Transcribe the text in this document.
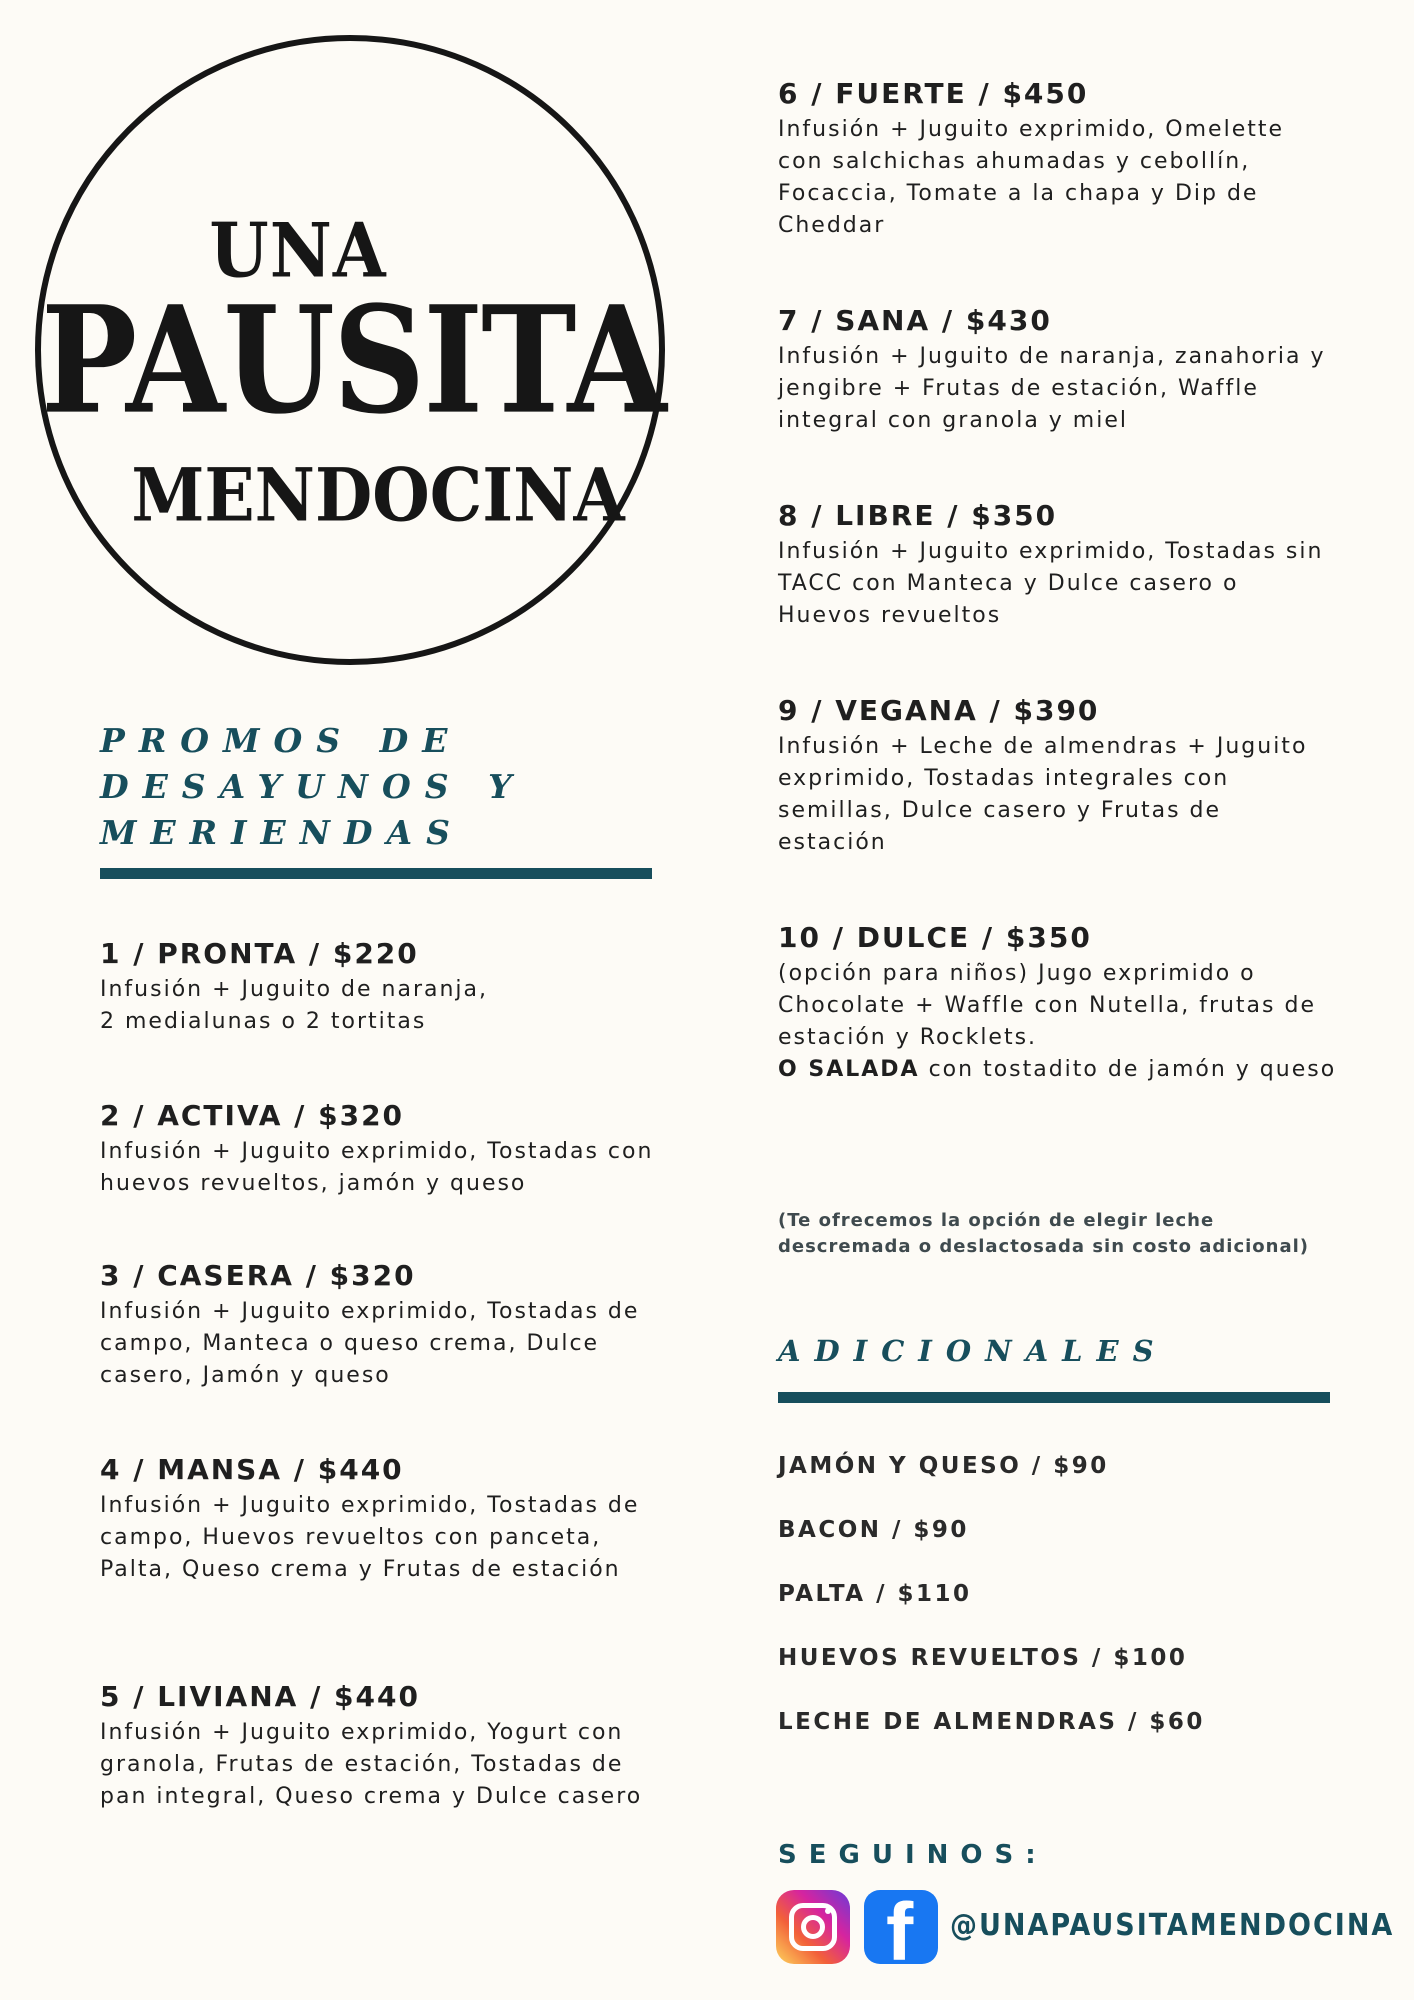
UNA
PAUSITA
MENDOCINA
PROMOS DE
DESAYUNOS Y
MERIENDAS
1 / PRONTA / $220
Infusión + Juguito de naranja,
2 medialunas o 2 tortitas
2 / ACTIVA / $320
Infusión + Juguito exprimido, Tostadas con huevos revueltos, jamón y queso
3 / CASERA / $320
Infusión + Juguito exprimido, Tostadas de campo, Manteca o queso crema, Dulce casero, Jamón y queso
4 / MANSA / $440
Infusión + Juguito exprimido, Tostadas de campo, Huevos revueltos con panceta, Palta, Queso crema y Frutas de estación
5 / LIVIANA / $440
Infusión + Juguito exprimido, Yogurt con granola, Frutas de estación, Tostadas de pan integral, Queso crema y Dulce casero
6 / FUERTE / $450
Infusión + Juguito exprimido, Omelette con salchichas ahumadas y cebollín, Focaccia, Tomate a la chapa y Dip de Cheddar
7 / SANA / $430
Infusión + Juguito de naranja, zanahoria y jengibre + Frutas de estación, Waffle integral con granola y miel
8 / LIBRE / $350
Infusión + Juguito exprimido, Tostadas sin TACC con Manteca y Dulce casero o Huevos revueltos
9 / VEGANA / $390
Infusión + Leche de almendras + Juguito exprimido, Tostadas integrales con semillas, Dulce casero y Frutas de estación
10 / DULCE / $350
(opción para niños) Jugo exprimido o Chocolate + Waffle con Nutella, frutas de estación y Rocklets.
O SALADA con tostadito de jamón y queso
(Te ofrecemos la opción de elegir leche descremada o deslactosada sin costo adicional)
ADICIONALES
JAMÓN Y QUESO / $90
BACON / $90
PALTA / $110
HUEVOS REVUELTOS / $100
LECHE DE ALMENDRAS / $60
SEGUINOS:
f @UNAPAUSITAMENDOCINA
